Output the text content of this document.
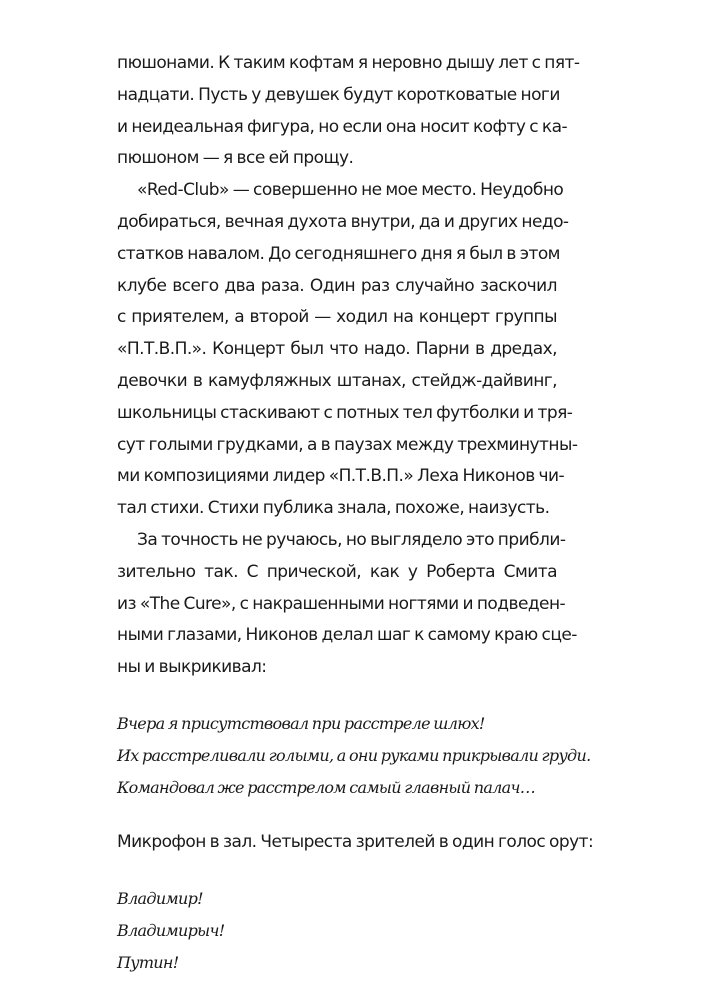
пюшонами. К таким кофтам я неровно дышу лет с пят-
надцати. Пусть у девушек будут коротковатые ноги
и неидеальная фигура, но если она носит кофту с ка-
пюшоном — я все ей прощу.
«Red-Club» — совершенно не мое место. Неудобно
добираться, вечная духота внутри, да и других недо-
статков навалом. До сегодняшнего дня я был в этом
клубе всего два раза. Один раз случайно заскочил
с приятелем, а второй — ходил на концерт группы
«П.Т.В.П.». Концерт был что надо. Парни в дредах,
девочки в камуфляжных штанах, стейдж-дайвинг,
школьницы стаскивают с потных тел футболки и тря-
сут голыми грудками, а в паузах между трехминутны-
ми композициями лидер «П.Т.В.П.» Леха Никонов чи-
тал стихи. Стихи публика знала, похоже, наизусть.
За точность не ручаюсь, но выглядело это прибли-
зительно так. С прической, как у Роберта Смита
из «The Cure», с накрашенными ногтями и подведен-
ными глазами, Никонов делал шаг к самому краю сце-
ны и выкрикивал:
Вчера я присутствовал при расстреле шлюх!
Их расстреливали голыми, а они руками прикрывали груди.
Командовал же расстрелом самый главный палач…
Микрофон в зал. Четыреста зрителей в один голос орут:
Владимир!
Владимирыч!
Путин!
